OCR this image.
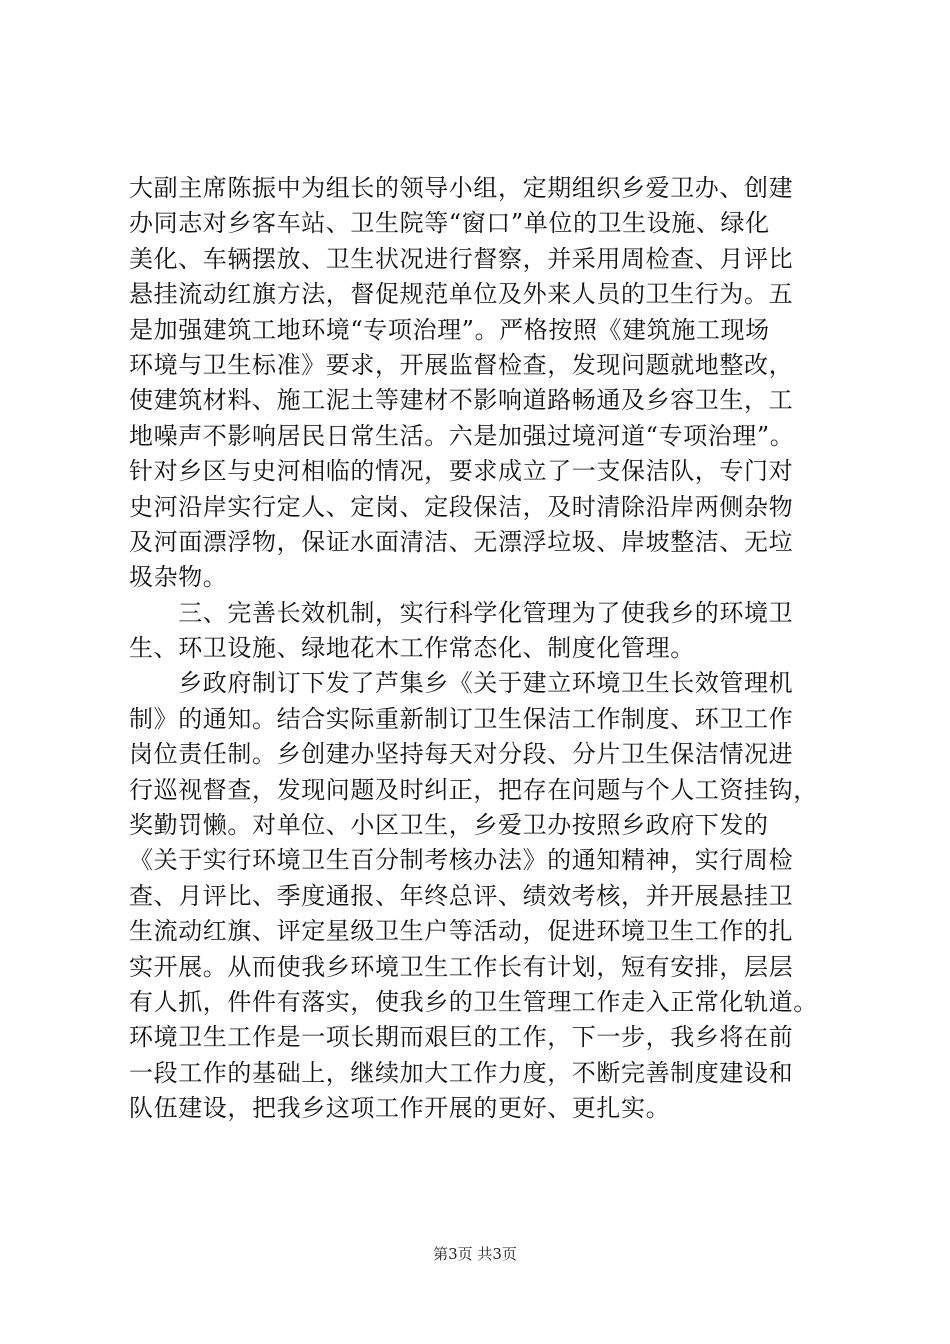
大副主席陈振中为组长的领导小组，定期组织乡爱卫办、创建
办同志对乡客车站、卫生院等“窗口”单位的卫生设施、绿化
美化、车辆摆放、卫生状况进行督察，并采用周检查、月评比
悬挂流动红旗方法，督促规范单位及外来人员的卫生行为。五
是加强建筑工地环境“专项治理”。严格按照《建筑施工现场
环境与卫生标准》要求，开展监督检查，发现问题就地整改，
使建筑材料、施工泥土等建材不影响道路畅通及乡容卫生，工
地噪声不影响居民日常生活。六是加强过境河道“专项治理”。
针对乡区与史河相临的情况，要求成立了一支保洁队，专门对
史河沿岸实行定人、定岗、定段保洁，及时清除沿岸两侧杂物
及河面漂浮物，保证水面清洁、无漂浮垃圾、岸坡整洁、无垃
圾杂物。
　　三、完善长效机制，实行科学化管理为了使我乡的环境卫
生、环卫设施、绿地花木工作常态化、制度化管理。
　　乡政府制订下发了芦集乡《关于建立环境卫生长效管理机
制》的通知。结合实际重新制订卫生保洁工作制度、环卫工作
岗位责任制。乡创建办坚持每天对分段、分片卫生保洁情况进
行巡视督查，发现问题及时纠正，把存在问题与个人工资挂钩，
奖勤罚懒。对单位、小区卫生，乡爱卫办按照乡政府下发的
《关于实行环境卫生百分制考核办法》的通知精神，实行周检
查、月评比、季度通报、年终总评、绩效考核，并开展悬挂卫
生流动红旗、评定星级卫生户等活动，促进环境卫生工作的扎
实开展。从而使我乡环境卫生工作长有计划，短有安排，层层
有人抓，件件有落实，使我乡的卫生管理工作走入正常化轨道。
环境卫生工作是一项长期而艰巨的工作，下一步，我乡将在前
一段工作的基础上，继续加大工作力度，不断完善制度建设和
队伍建设，把我乡这项工作开展的更好、更扎实。
第3页 共3页
